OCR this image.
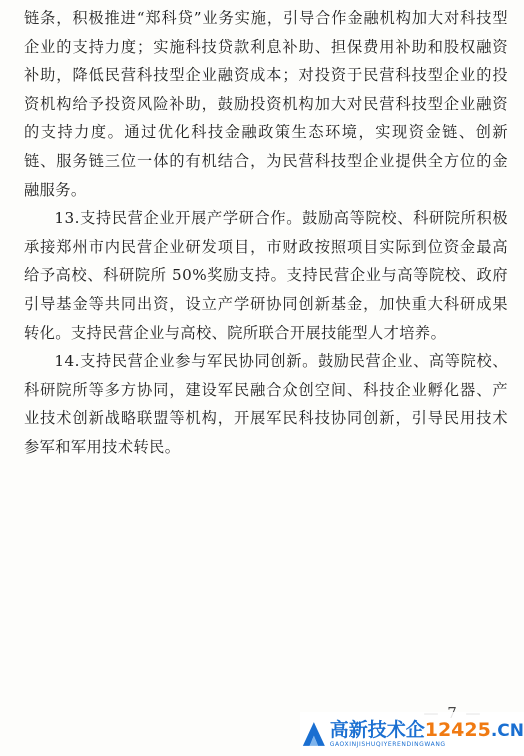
链条，积极推进“郑科贷”业务实施，引导合作金融机构加大对科技型企业的支持力度；实施科技贷款利息补助、担保费用补助和股权融资补助，降低民营科技型企业融资成本；对投资于民营科技型企业的投资机构给予投资风险补助，鼓励投资机构加大对民营科技型企业融资的支持力度。通过优化科技金融政策生态环境，实现资金链、创新链、服务链三位一体的有机结合，为民营科技型企业提供全方位的金融服务。

13.支持民营企业开展产学研合作。鼓励高等院校、科研院所积极承接郑州市内民营企业研发项目，市财政按照项目实际到位资金最高给予高校、科研院所 50%奖励支持。支持民营企业与高等院校、政府引导基金等共同出资，设立产学研协同创新基金，加快重大科研成果转化。支持民营企业与高校、院所联合开展技能型人才培养。

14.支持民营企业参与军民协同创新。鼓励民营企业、高等院校、科研院所等多方协同，建设军民融合众创空间、科技企业孵化器、产业技术创新战略联盟等机构，开展军民科技协同创新，引导民用技术参军和军用技术转民。

高新技术企12425.CN
GAOXINJISHUQIYERENDINGWANG
